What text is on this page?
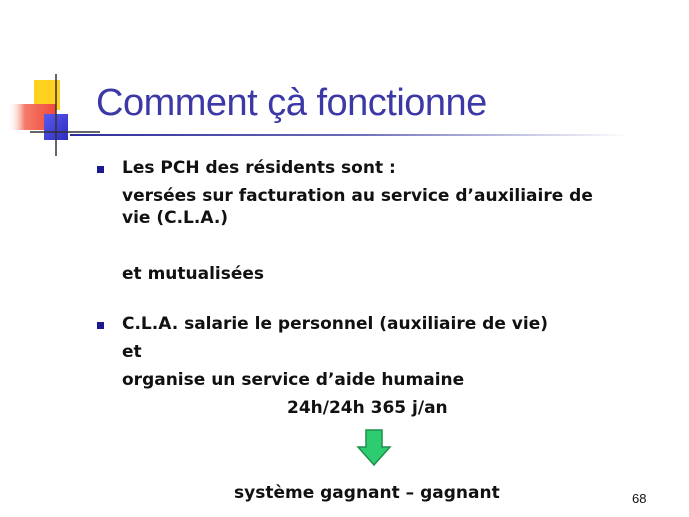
Comment çà fonctionne
Les PCH des résidents sont :
versées sur facturation au service d’auxiliaire de
vie (C.L.A.)
et mutualisées
C.L.A. salarie le personnel (auxiliaire de vie)
et
organise un service d’aide humaine
24h/24h 365 j/an
système gagnant – gagnant	68
